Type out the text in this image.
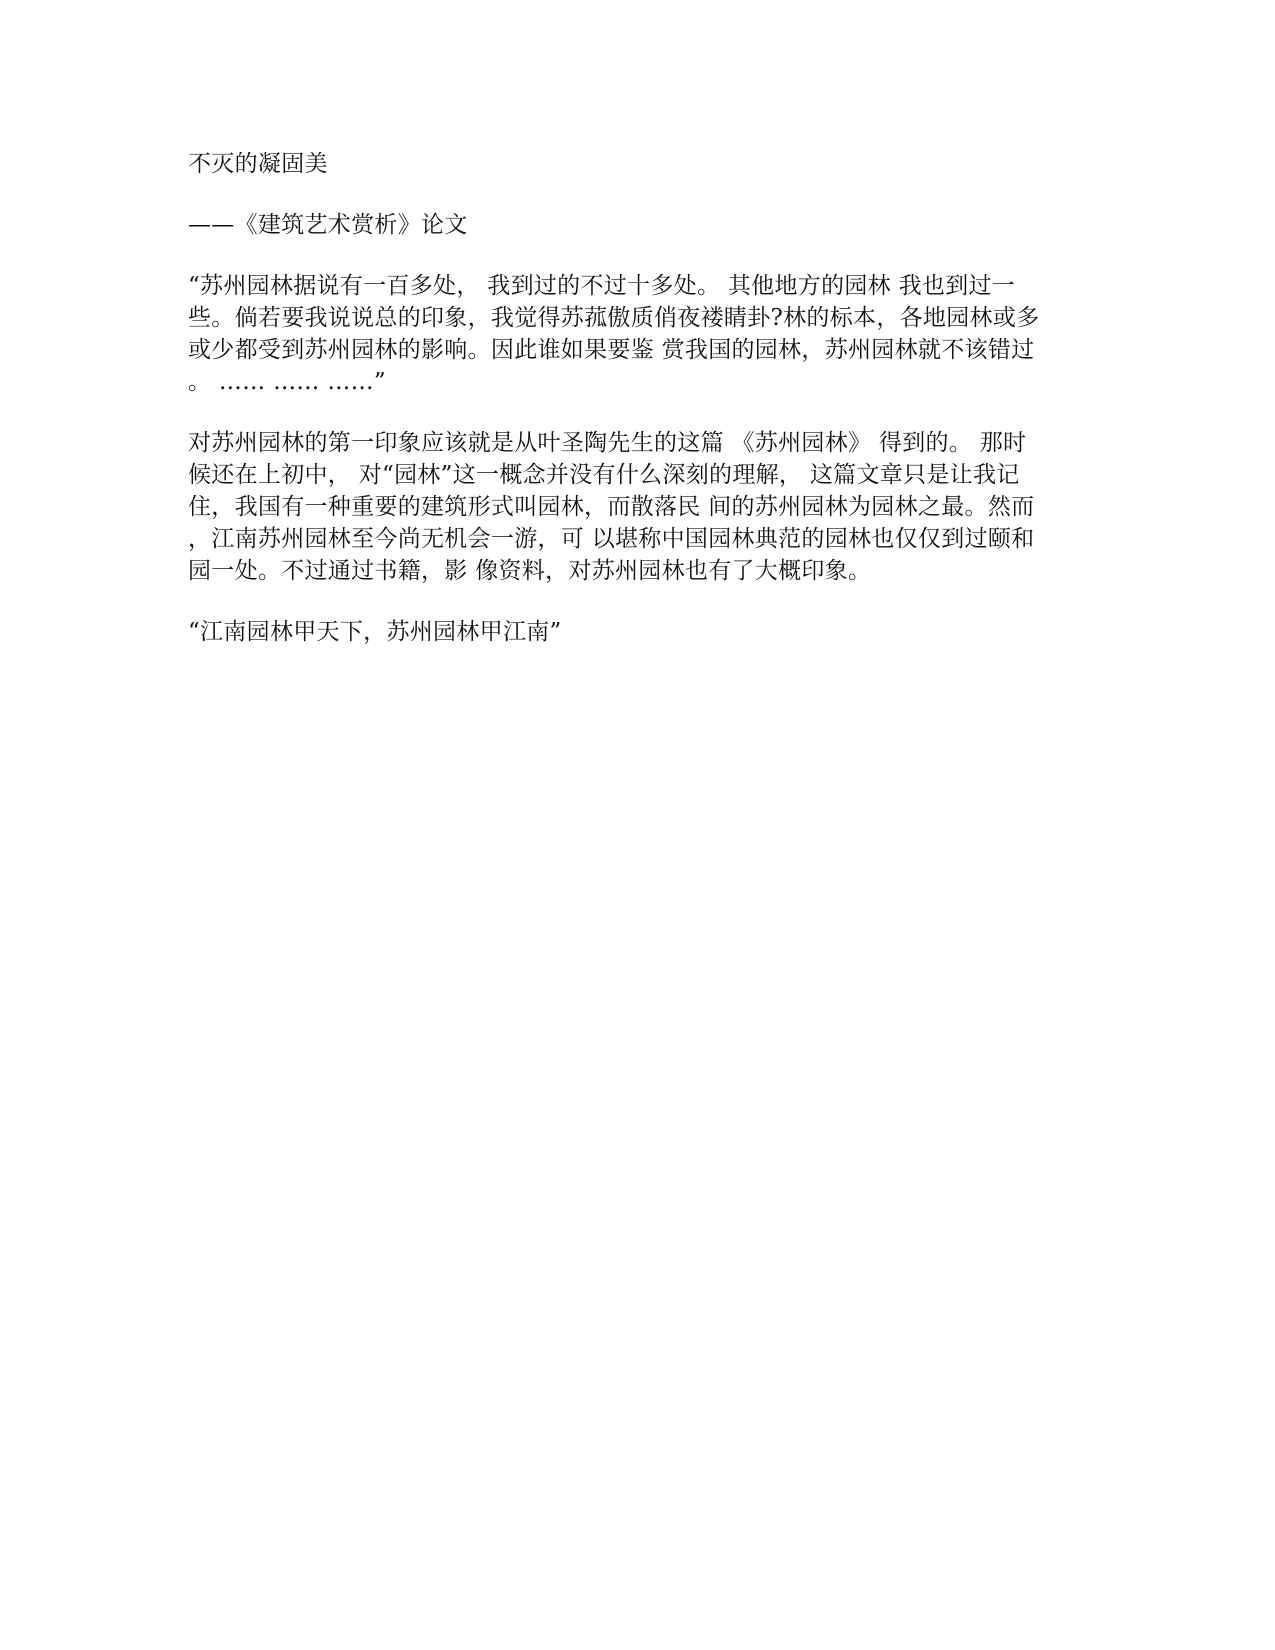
不灭的凝固美

——《建筑艺术赏析》论文

“苏州园林据说有一百多处， 我到过的不过十多处。 其他地方的园林 我也到过一
些。倘若要我说说总的印象，我觉得苏菰傲质俏夜褛睛卦?林的标本，各地园林或多
或少都受到苏州园林的影响。因此谁如果要鉴 赏我国的园林，苏州园林就不该错过
。 …… …… ……”
对苏州园林的第一印象应该就是从叶圣陶先生的这篇 《苏州园林》 得到的。 那时
候还在上初中， 对“园林”这一概念并没有什么深刻的理解， 这篇文章只是让我记
住，我国有一种重要的建筑形式叫园林，而散落民 间的苏州园林为园林之最。然而
，江南苏州园林至今尚无机会一游，可 以堪称中国园林典范的园林也仅仅到过颐和
园一处。不过通过书籍，影 像资料，对苏州园林也有了大概印象。

“江南园林甲天下，苏州园林甲江南”
